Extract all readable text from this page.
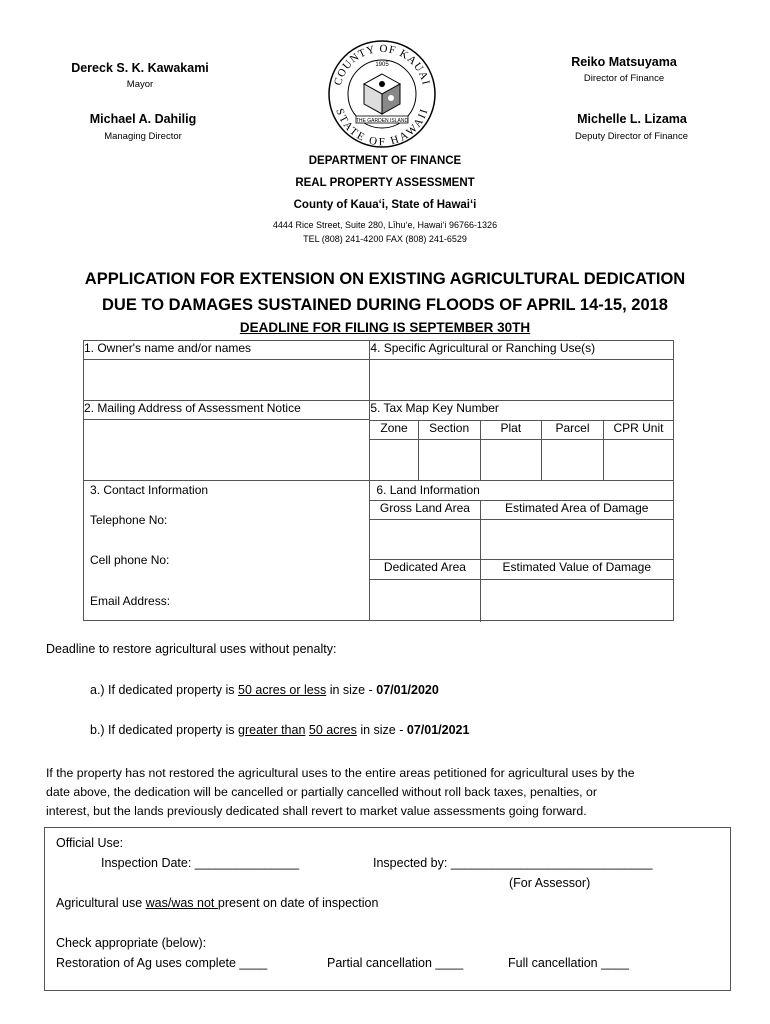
Dereck S. K. Kawakami
Mayor
Michael A. Dahilig
Managing Director
Reiko Matsuyama
Director of Finance
Michelle L. Lizama
Deputy Director of Finance
COUNTY OF KAUAI
STATE OF HAWAII
1905
THE GARDEN ISLAND
DEPARTMENT OF FINANCE
REAL PROPERTY ASSESSMENT
County of Kauaʻi, State of Hawaiʻi
4444 Rice Street, Suite 280, Līhuʻe, Hawaiʻi 96766-1326
TEL (808) 241-4200 FAX (808) 241-6529
APPLICATION FOR EXTENSION ON EXISTING AGRICULTURAL DEDICATION
DUE TO DAMAGES SUSTAINED DURING FLOODS OF APRIL 14-15, 2018
DEADLINE FOR FILING IS SEPTEMBER 30TH
1. Owner's name and/or names	4. Specific Agricultural or Ranching Use(s)

2. Mailing Address of Assessment Notice	5. Tax Map Key Number

Zone	Section	Plat	Parcel	CPR Unit

3. Contact Information
Telephone No:
Cell phone No:
Email Address:

6. Land Information
Gross Land Area	Estimated Area of Damage

Dedicated Area	Estimated Value of Damage

Deadline to restore agricultural uses without penalty:
a.) If dedicated property is 50 acres or less in size - 07/01/2020
b.) If dedicated property is greater than 50 acres in size - 07/01/2021
If the property has not restored the agricultural uses to the entire areas petitioned for agricultural uses by the
date above, the dedication will be cancelled or partially cancelled without roll back taxes, penalties, or
interest, but the lands previously dedicated shall revert to market value assessments going forward.
Official Use:
Inspection Date: _______________	Inspected by: _____________________________
(For Assessor)
Agricultural use was/was not present on date of inspection
Check appropriate (below):
Restoration of Ag uses complete ____	Partial cancellation ____	Full cancellation ____
